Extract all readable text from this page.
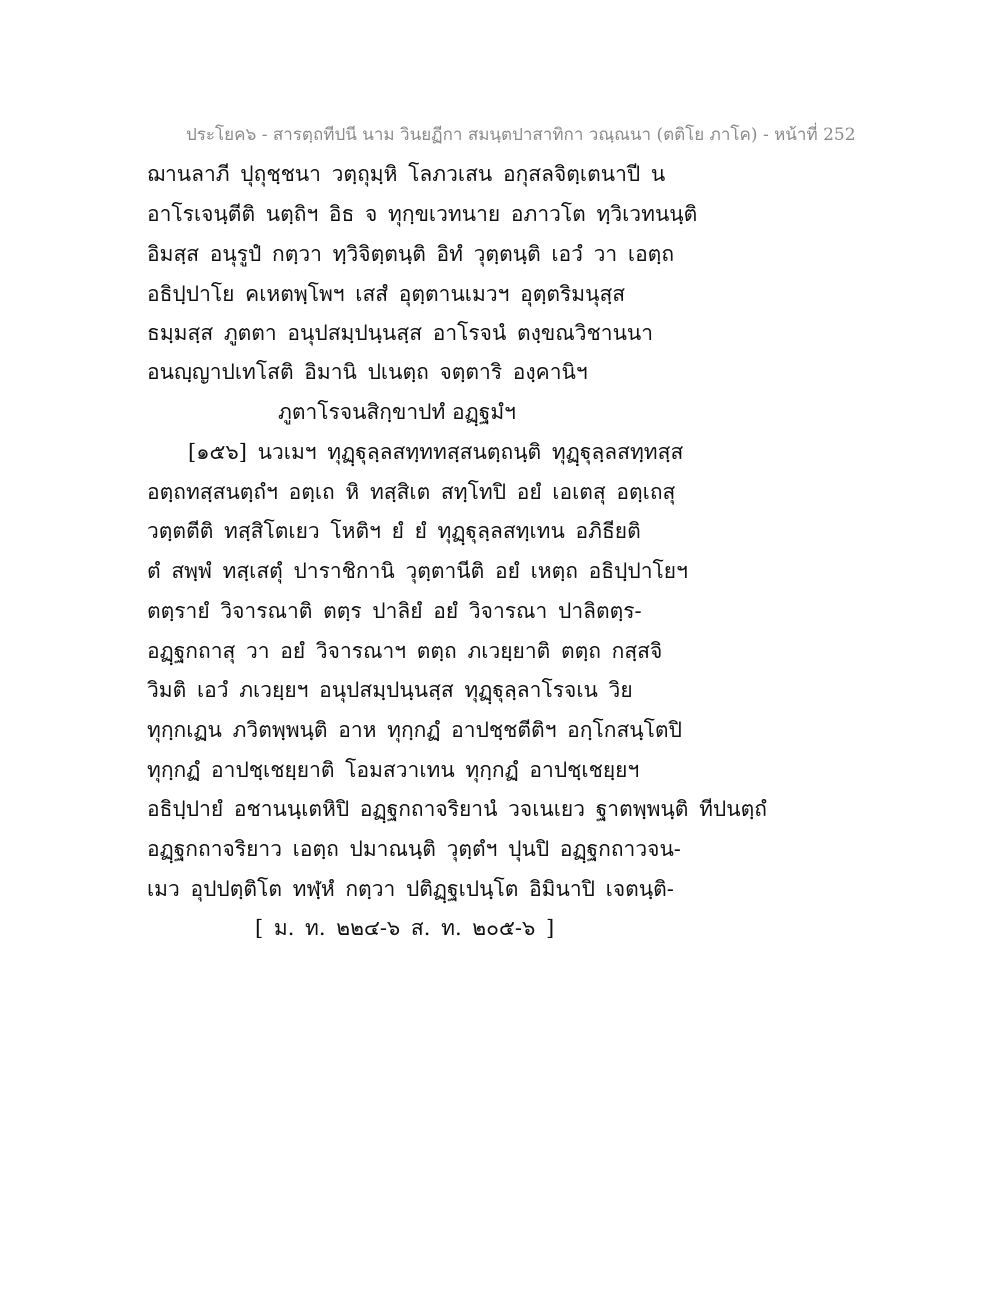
ประโยค๖ - สารตฺถทีปนี นาม วินยฏีกา สมนฺตปาสาทิกา วณฺณนา (ตติโย ภาโค) - หน้าที่ 252
ฌานลาภี ปุถุชฺชนา วตฺถุมฺหิ โลภวเสน อกุสลจิตฺเตนาปี น
อาโรเจนฺตีติ นตฺถิฯ อิธ จ ทุกฺขเวทนาย อภาวโต ทฺวิเวทนนฺติ
อิมสฺส อนุรูปํ กตฺวา ทฺวิจิตฺตนฺติ อิทํ วุตฺตนฺติ เอวํ วา เอตฺถ
อธิปฺปาโย คเหตพฺโพฯ เสสํ อุตฺตานเมวฯ อุตฺตริมนุสฺส
ธมฺมสฺส ภูตตา อนุปสมฺปนฺนสฺส อาโรจนํ ตงฺขณวิชานนา
อนญฺญาปเทโสติ อิมานิ ปเนตฺถ จตฺตาริ องฺคานิฯ
ภูตาโรจนสิกฺขาปทํ อฏฺฐมํฯ
[๑๕๖] นวเมฯ ทุฏฺฐุลฺลสทฺททสฺสนตฺถนฺติ ทุฏฺฐุลฺลสทฺทสฺส
อตฺถทสฺสนตฺถํฯ อตฺเถ หิ ทสฺสิเต สทฺโทปิ อยํ เอเตสุ อตฺเถสุ
วตฺตตีติ ทสฺสิโตเยว โหติฯ ยํ ยํ ทุฏฺฐุลฺลสทฺเทน อภิธียติ
ตํ สพฺพํ ทสฺเสตุํ ปาราชิกานิ วุตฺตานีติ อยํ เหตฺถ อธิปฺปาโยฯ
ตตฺรายํ วิจารณาติ ตตฺร ปาลิยํ อยํ วิจารณา ปาลิตตฺร-
อฏฺฐกถาสุ วา อยํ วิจารณาฯ ตตฺถ ภเวยฺยาติ ตตฺถ กสฺสจิ
วิมติ เอวํ ภเวยฺยฯ อนุปสมฺปนฺนสฺส ทุฏฺฐุลฺลาโรจเน วิย
ทุกฺกเฏน ภวิตพฺพนฺติ อาห ทุกฺกฏํ อาปชฺชตีติฯ อกฺโกสนฺโตปิ
ทุกฺกฏํ อาปชฺเชยฺยาติ โอมสวาเทน ทุกฺกฏํ อาปชฺเชยฺยฯ
อธิปฺปายํ อชานนฺเตหิปิ อฏฺฐกถาจริยานํ วจเนเยว ฐาตพฺพนฺติ ทีปนตฺถํ
อฏฺฐกถาจริยาว เอตฺถ ปมาณนฺติ วุตฺตํฯ ปุนปิ อฏฺฐกถาวจน-
เมว อุปปตฺติโต ทฬฺหํ กตฺวา ปติฏฺฐเปนฺโต อิมินาปิ เจตนฺติ-
[ ม. ท. ๒๒๔-๖ ส. ท. ๒๐๕-๖ ]
